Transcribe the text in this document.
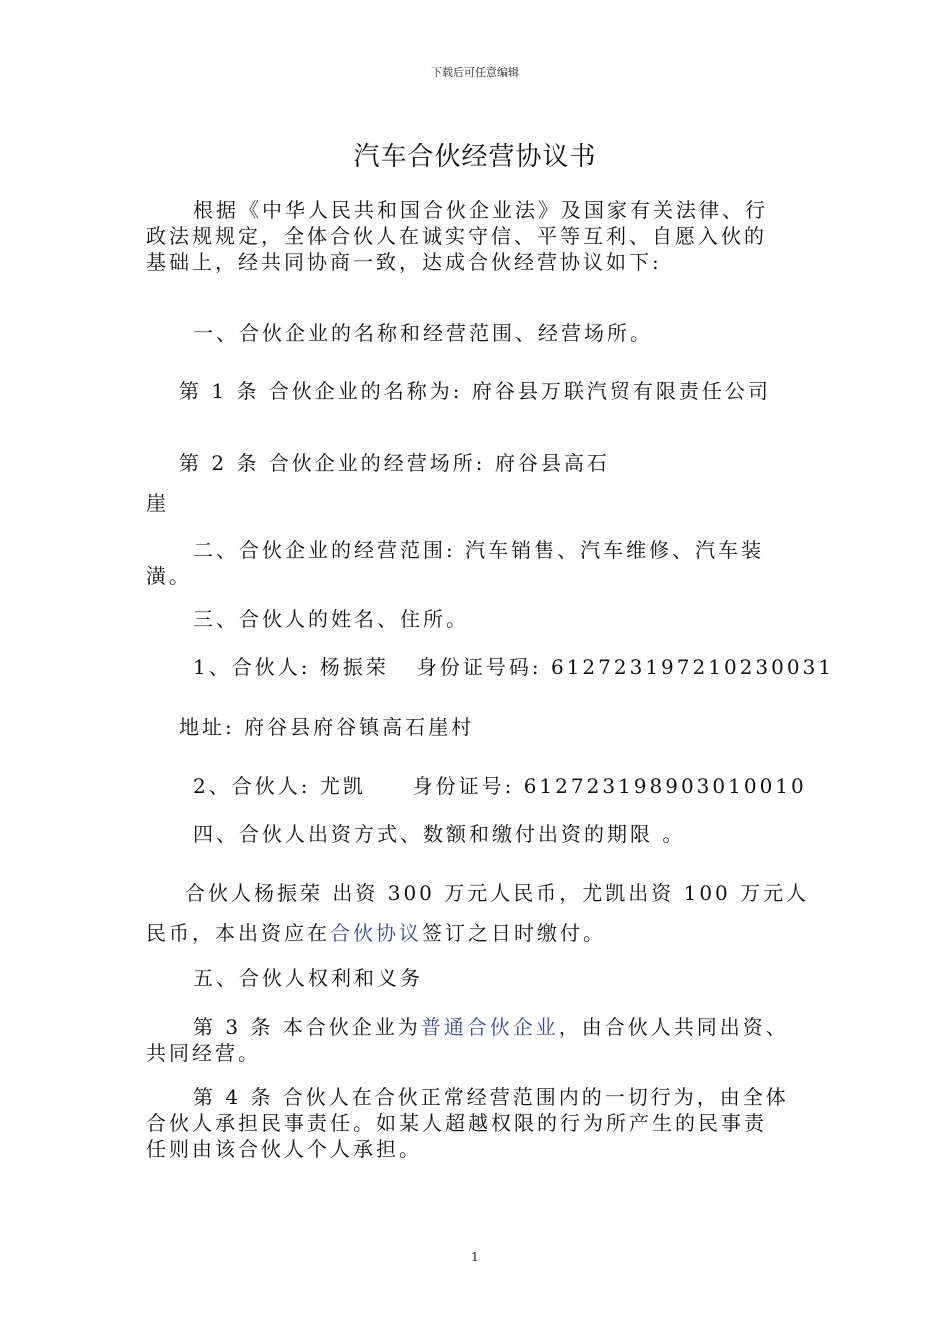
下载后可任意编辑
汽车合伙经营协议书
根据《中华人民共和国合伙企业法》及国家有关法律、行
政法规规定，全体合伙人在诚实守信、平等互利、自愿入伙的
基础上，经共同协商一致，达成合伙经营协议如下:
一、合伙企业的名称和经营范围、经营场所。
第 1 条 合伙企业的名称为: 府谷县万联汽贸有限责任公司
第 2 条 合伙企业的经营场所: 府谷县高石
崖
二、合伙企业的经营范围: 汽车销售、汽车维修、汽车装
潢。
三、合伙人的姓名、住所。
1、合伙人: 杨振荣   身份证号码: 612723197210230031
地址: 府谷县府谷镇高石崖村
2、合伙人: 尤凯     身份证号: 612723198903010010
四、合伙人出资方式、数额和缴付出资的期限 。
合伙人杨振荣 出资 300 万元人民币，尤凯出资 100 万元人
民币，本出资应在合伙协议签订之日时缴付。
五、合伙人权利和义务
第 3 条 本合伙企业为普通合伙企业，由合伙人共同出资、
共同经营。
第 4 条 合伙人在合伙正常经营范围内的一切行为，由全体
合伙人承担民事责任。如某人超越权限的行为所产生的民事责
任则由该合伙人个人承担。
1
